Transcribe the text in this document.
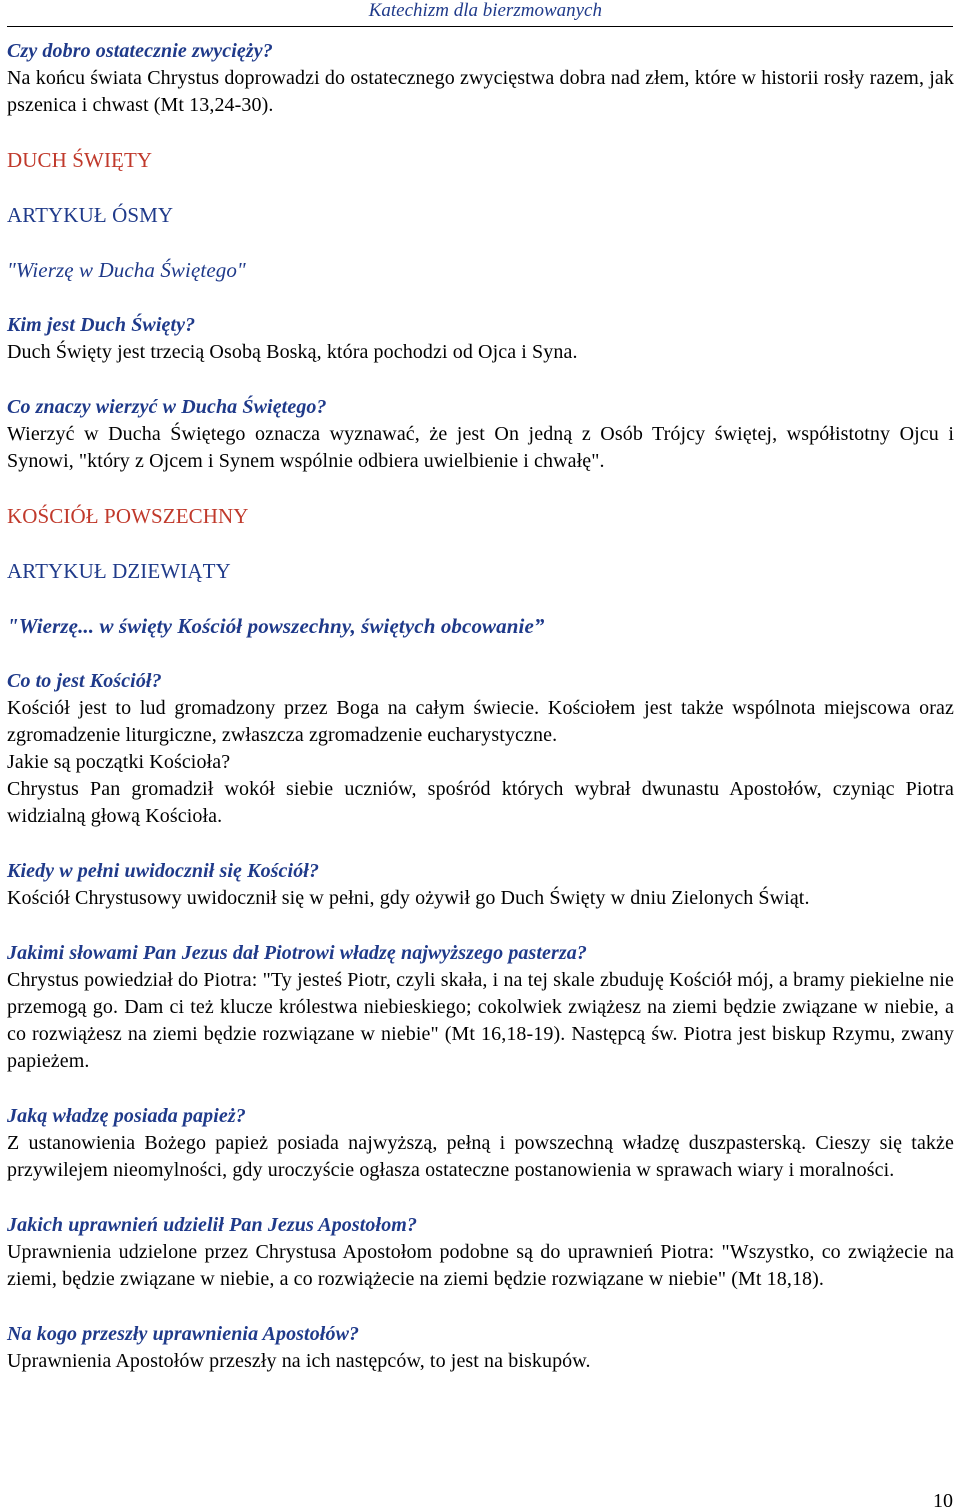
Katechizm dla bierzmowanych

Czy dobro ostatecznie zwycięży?

Na końcu świata Chrystus doprowadzi do ostatecznego zwycięstwa dobra nad złem, które w historii rosły razem, jak pszenica i chwast (Mt 13,24-30).

DUCH ŚWIĘTY

ARTYKUŁ ÓSMY

"Wierzę w Ducha Świętego"

Kim jest Duch Święty?

Duch Święty jest trzecią Osobą Boską, która pochodzi od Ojca i Syna.

Co znaczy wierzyć w Ducha Świętego?

Wierzyć w Ducha Świętego oznacza wyznawać, że jest On jedną z Osób Trójcy świętej, współistotny Ojcu i Synowi, "który z Ojcem i Synem wspólnie odbiera uwielbienie i chwałę".

KOŚCIÓŁ POWSZECHNY

ARTYKUŁ DZIEWIĄTY

"Wierzę... w święty Kościół powszechny, świętych obcowanie”

Co to jest Kościół?

Kościół jest to lud gromadzony przez Boga na całym świecie. Kościołem jest także wspólnota miejscowa oraz zgromadzenie liturgiczne, zwłaszcza zgromadzenie eucharystyczne.

Jakie są początki Kościoła?

Chrystus Pan gromadził wokół siebie uczniów, spośród których wybrał dwunastu Apostołów, czyniąc Piotra widzialną głową Kościoła.

Kiedy w pełni uwidocznił się Kościół?

Kościół Chrystusowy uwidocznił się w pełni, gdy ożywił go Duch Święty w dniu Zielonych Świąt.

Jakimi słowami Pan Jezus dał Piotrowi władzę najwyższego pasterza?

Chrystus powiedział do Piotra: "Ty jesteś Piotr, czyli skała, i na tej skale zbuduję Kościół mój, a bramy piekielne nie przemogą go. Dam ci też klucze królestwa niebieskiego; cokolwiek zwiążesz na ziemi będzie związane w niebie, a co rozwiążesz na ziemi będzie rozwiązane w niebie" (Mt 16,18-19). Następcą św. Piotra jest biskup Rzymu, zwany papieżem.

Jaką władzę posiada papież?

Z ustanowienia Bożego papież posiada najwyższą, pełną i powszechną władzę duszpasterską. Cieszy się także przywilejem nieomylności, gdy uroczyście ogłasza ostateczne postanowienia w sprawach wiary i moralności.

Jakich uprawnień udzielił Pan Jezus Apostołom?

Uprawnienia udzielone przez Chrystusa Apostołom podobne są do uprawnień Piotra: "Wszystko, co zwiążecie na ziemi, będzie związane w niebie, a co rozwiążecie na ziemi będzie rozwiązane w niebie" (Mt 18,18).

Na kogo przeszły uprawnienia Apostołów?

Uprawnienia Apostołów przeszły na ich następców, to jest na biskupów.

10
